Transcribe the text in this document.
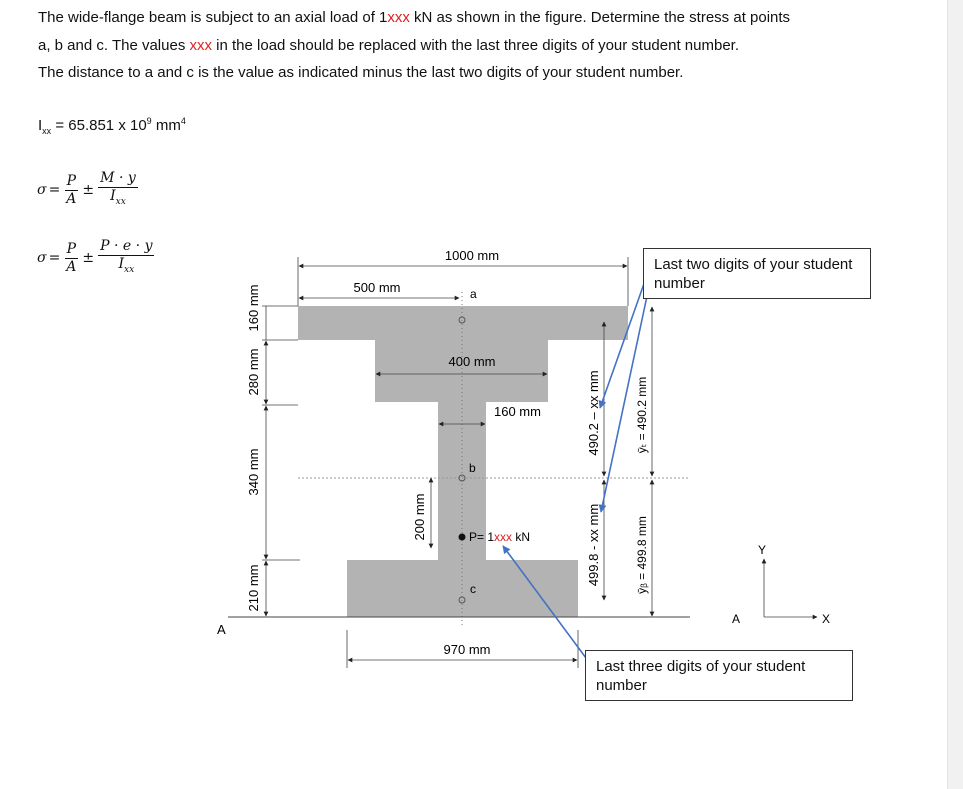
The wide-flange beam is subject to an axial load of 1xxx kN as shown in the figure. Determine the stress at points

a, b and c. The values xxx in the load should be replaced with the last three digits of your student number.

The distance to a and c is the value as indicated minus the last two digits of your student number.

$I_{xx} = 65.851$ x $10^9$ $mm^4$
$\sigma = \frac{P}{A} \pm \frac{M \cdot y}{I_{xx}}$
$\sigma = \frac{P}{A} \pm \frac{P \cdot e \cdot y}{I_{xx}}$	1000 mm
500 mm	a
400 mm
160 mm
b
P= 1xxx kN
c
200 mm
970 mm
160 mm
280 mm
340 mm
210 mm
A
490.2 – xx mm
499.8 - xx mm
ȳₜ = 490.2 mm
ȳᵦ = 499.8 mm
X
Y
A
Last two digits of your student number
Last three digits of your student number
